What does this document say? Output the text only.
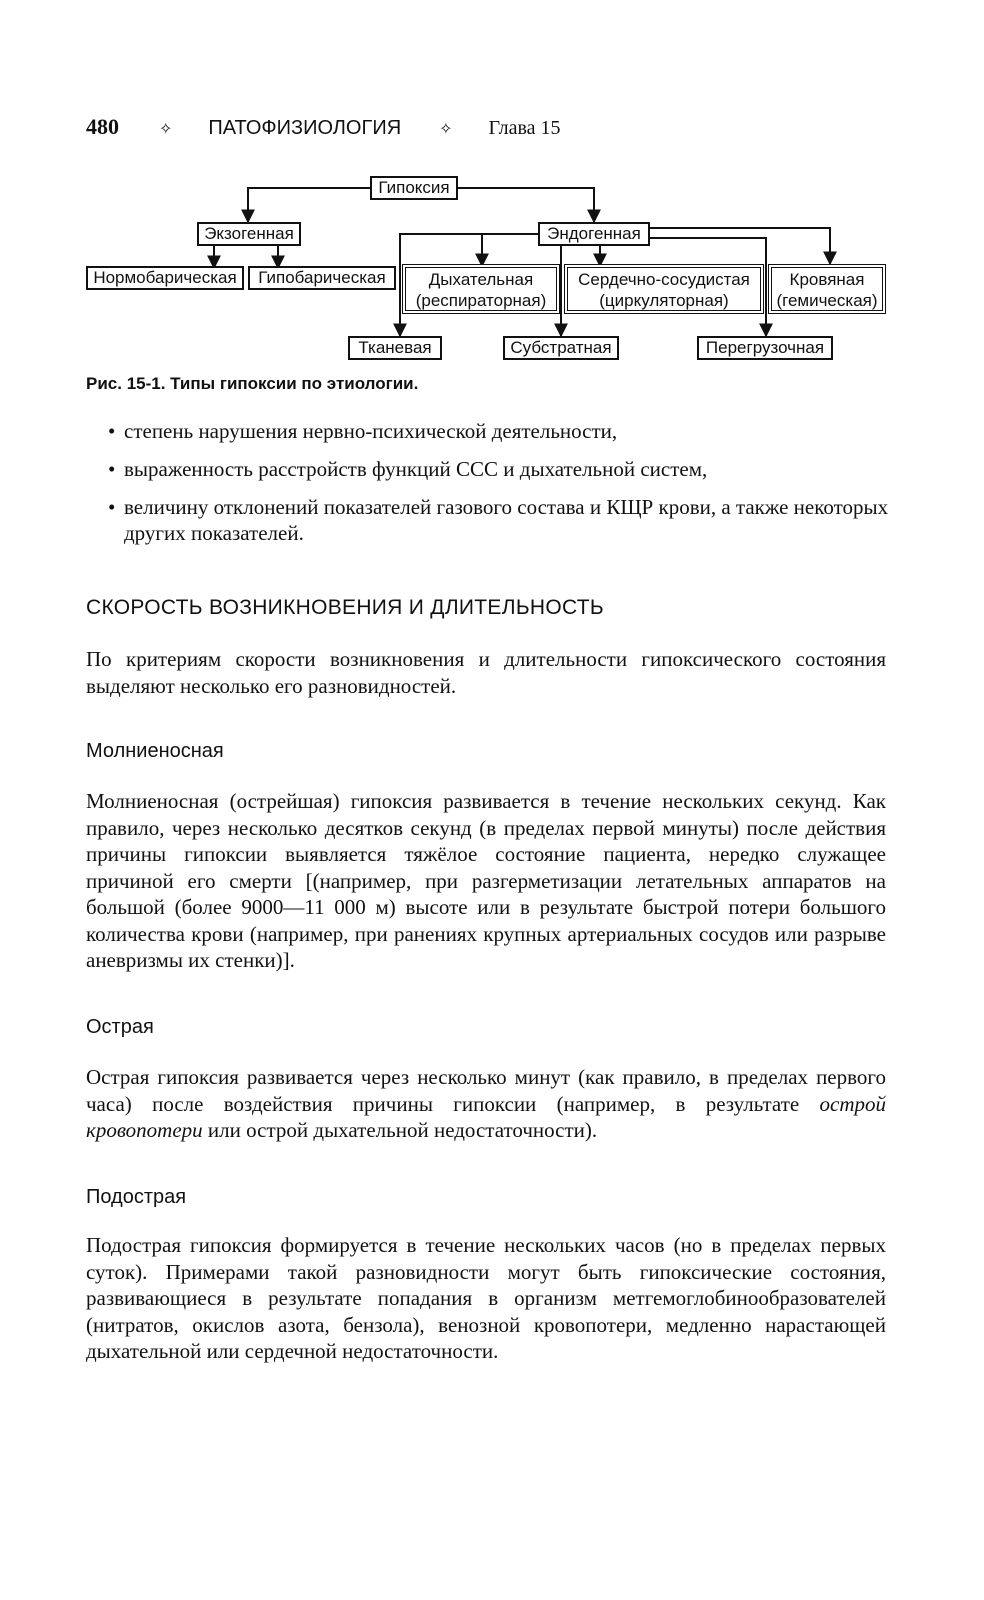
480	✧ ПАТОФИЗИОЛОГИЯ ✧ Глава 15
Гипоксия
Экзогенная	Эндогенная
Нормобарическая	Гипобарическая	Дыхательная
(респираторная)
Сердечно-сосудистая
(циркуляторная)
Кровяная
(гемическая)
Тканевая	Субстратная	Перегрузочная
Рис. 15-1. Типы гипоксии по этиологии.
• степень нарушения нервно-психической деятельности,
• выраженность расстройств функций ССС и дыхательной систем,
• величину отклонений показателей газового состава и КЩР крови, а также некоторых других показателей.
СКОРОСТЬ ВОЗНИКНОВЕНИЯ И ДЛИТЕЛЬНОСТЬ
По критериям скорости возникновения и длительности гипоксического состояния выделяют несколько его разновидностей.
Молниеносная
Молниеносная (острейшая) гипоксия развивается в течение нескольких секунд. Как правило, через несколько десятков секунд (в пределах первой минуты) после действия причины гипоксии выявляется тяжёлое состояние пациента, нередко служащее причиной его смерти [(например, при разгерметизации летательных аппаратов на большой (более 9000—11 000 м) высоте или в результате быстрой потери большого количества крови (например, при ранениях крупных артериальных сосудов или разрыве аневризмы их стенки)].
Острая
Острая гипоксия развивается через несколько минут (как правило, в пределах первого часа) после воздействия причины гипоксии (например, в результате острой кровопотери или острой дыхательной недостаточности).
Подострая
Подострая гипоксия формируется в течение нескольких часов (но в пределах первых суток). Примерами такой разновидности могут быть гипоксические состояния, развивающиеся в результате попадания в организм метгемоглобинообразователей (нитратов, окислов азота, бензола), венозной кровопотери, медленно нарастающей дыхательной или сердечной недостаточности.
